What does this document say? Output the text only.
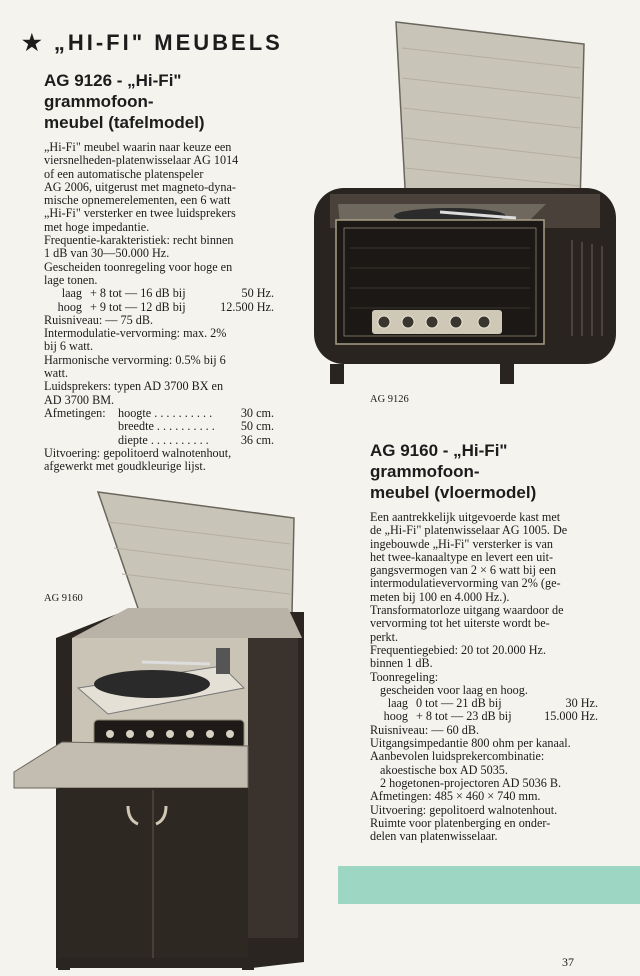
★ „HI-FI" MEUBELS
AG 9126 - „Hi-Fi" grammofoon-
meubel (tafelmodel)

„Hi-Fi" meubel waarin naar keuze een

viersnelheden-platenwisselaar AG 1014

of een automatische platenspeler

AG 2006, uitgerust met magneto-dyna-

mische opnemerelementen, een 6 watt

„Hi-Fi" versterker en twee luidsprekers

met hoge impedantie.

Frequentie-karakteristiek: recht binnen

1 dB van 30—50.000 Hz.

Gescheiden toonregeling voor hoge en

lage tonen.

laag + 8 tot — 16 dB bij	50 Hz.
hoog + 9 tot — 12 dB bij	12.500 Hz.

Ruisniveau: — 75 dB.

Intermodulatie-vervorming: max. 2%

bij 6 watt.

Harmonische vervorming: 0.5% bij 6

watt.

Luidsprekers: typen AD 3700 BX en

AD 3700 BM.

Afmetingen:	hoogte . . . . . . . . . .	30 cm.
breedte . . . . . . . . . .	50 cm.
diepte . . . . . . . . . .	36 cm.

Uitvoering: gepolitoerd walnotenhout,

afgewerkt met goudkleurige lijst.

AG 9126
AG 9160
AG 9160 - „Hi-Fi" grammofoon-
meubel (vloermodel)

Een aantrekkelijk uitgevoerde kast met

de „Hi-Fi" platenwisselaar AG 1005. De

ingebouwde „Hi-Fi" versterker is van

het twee-kanaaltype en levert een uit-

gangsvermogen van 2 × 6 watt bij een

intermodulatievervorming van 2% (ge-

meten bij 100 en 4.000 Hz.).

Transformatorloze uitgang waardoor de

vervorming tot het uiterste wordt be-

perkt.

Frequentiegebied: 20 tot 20.000 Hz.

binnen 1 dB.

Toonregeling:

gescheiden voor laag en hoog.

laag 0 tot — 21 dB bij	30 Hz.
hoog + 8 tot — 23 dB bij	15.000 Hz.

Ruisniveau: — 60 dB.

Uitgangsimpedantie 800 ohm per kanaal.

Aanbevolen luidsprekercombinatie:

akoestische box AD 5035.

2 hogetonen-projectoren AD 5036 B.

Afmetingen: 485 × 460 × 740 mm.

Uitvoering: gepolitoerd walnotenhout.

Ruimte voor platenberging en onder-

delen van platenwisselaar.

37
